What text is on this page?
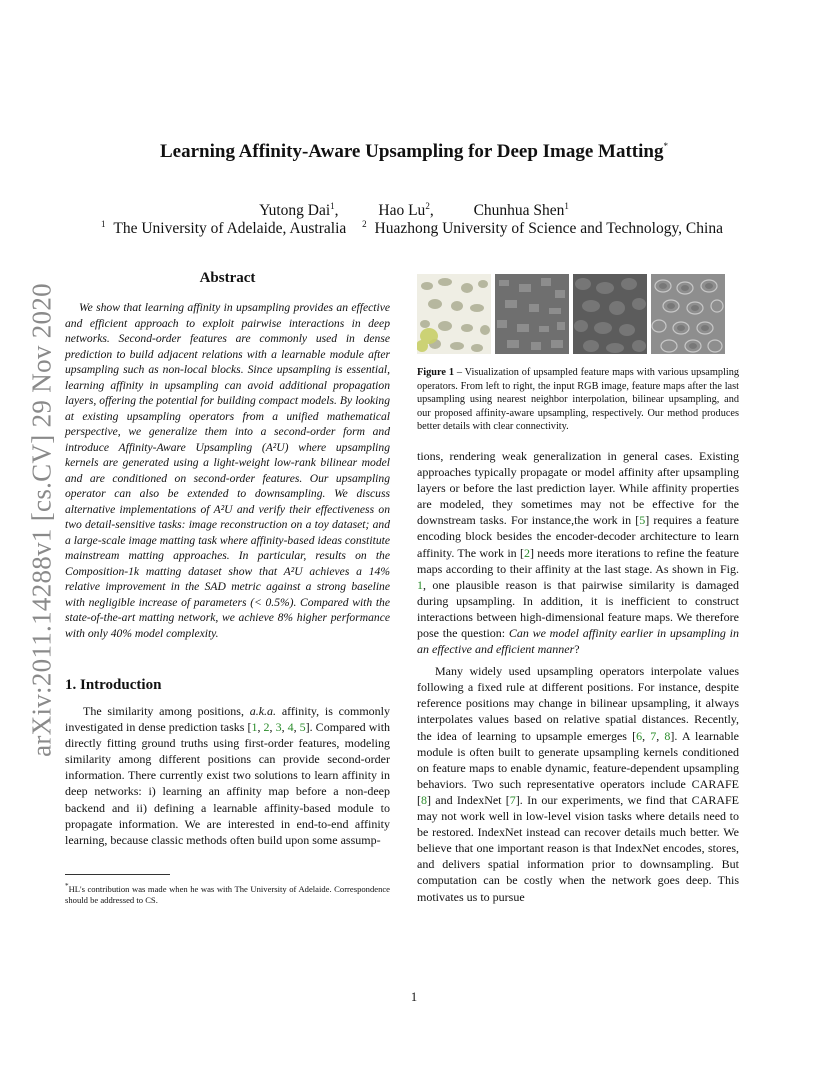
arXiv:2011.14288v1 [cs.CV] 29 Nov 2020
Learning Affinity-Aware Upsampling for Deep Image Matting*
Yutong Dai$^1$,	Hao Lu$^2$,	Chunhua Shen$^1$
$^1$ The University of Adelaide, Australia $^2$ Huazhong University of Science and Technology, China
Abstract

We show that learning affinity in upsampling provides an effective and efficient approach to exploit pairwise interactions in deep networks. Second-order features are commonly used in dense prediction to build adjacent relations with a learnable module after upsampling such as non-local blocks. Since upsampling is essential, learning affinity in upsampling can avoid additional propagation layers, offering the potential for building compact models. By looking at existing upsampling operators from a unified mathematical perspective, we generalize them into a second-order form and introduce Affinity-Aware Upsampling (A²U) where upsampling kernels are generated using a light-weight low-rank bilinear model and are conditioned on second-order features. Our upsampling operator can also be extended to downsampling. We discuss alternative implementations of A²U and verify their effectiveness on two detail-sensitive tasks: image reconstruction on a toy dataset; and a large-scale image matting task where affinity-based ideas constitute mainstream matting approaches. In particular, results on the Composition-1k matting dataset show that A²U achieves a 14% relative improvement in the SAD metric against a strong baseline with negligible increase of parameters (< 0.5%). Compared with the state-of-the-art matting network, we achieve 8% higher performance with only 40% model complexity.

1. Introduction

The similarity among positions, a.k.a. affinity, is commonly investigated in dense prediction tasks [1, 2, 3, 4, 5]. Compared with directly fitting ground truths using first-order features, modeling similarity among different positions can provide second-order information. There currently exist two solutions to learn affinity in deep networks: i) learning an affinity map before a non-deep backend and ii) defining a learnable affinity-based module to propagate information. We are interested in end-to-end affinity learning, because classic methods often build upon some assump-

*HL's contribution was made when he was with The University of Adelaide. Correspondence should be addressed to CS.

Figure 1 – Visualization of upsampled feature maps with various upsampling operators. From left to right, the input RGB image, feature maps after the last upsampling using nearest neighbor interpolation, bilinear upsampling, and our proposed affinity-aware upsampling, respectively. Our method produces better details with clear connectivity.

tions, rendering weak generalization in general cases. Existing approaches typically propagate or model affinity after upsampling layers or before the last prediction layer. While affinity properties are modeled, they sometimes may not be effective for the downstream tasks. For instance,the work in [5] requires a feature encoding block besides the encoder-decoder architecture to learn affinity. The work in [2] needs more iterations to refine the feature maps according to their affinity at the last stage. As shown in Fig. 1, one plausible reason is that pairwise similarity is damaged during upsampling. In addition, it is inefficient to construct interactions between high-dimensional feature maps. We therefore pose the question: Can we model affinity earlier in upsampling in an effective and efficient manner?

Many widely used upsampling operators interpolate values following a fixed rule at different positions. For instance, despite reference positions may change in bilinear upsampling, it always interpolates values based on relative spatial distances. Recently, the idea of learning to upsample emerges [6, 7, 8]. A learnable module is often built to generate upsampling kernels conditioned on feature maps to enable dynamic, feature-dependent upsampling behaviors. Two such representative operators include CARAFE [8] and IndexNet [7]. In our experiments, we find that CARAFE may not work well in low-level vision tasks where details need to be restored. IndexNet instead can recover details much better. We believe that one important reason is that IndexNet encodes, stores, and delivers spatial information prior to downsampling. But computation can be costly when the network goes deep. This motivates us to pursue

1
